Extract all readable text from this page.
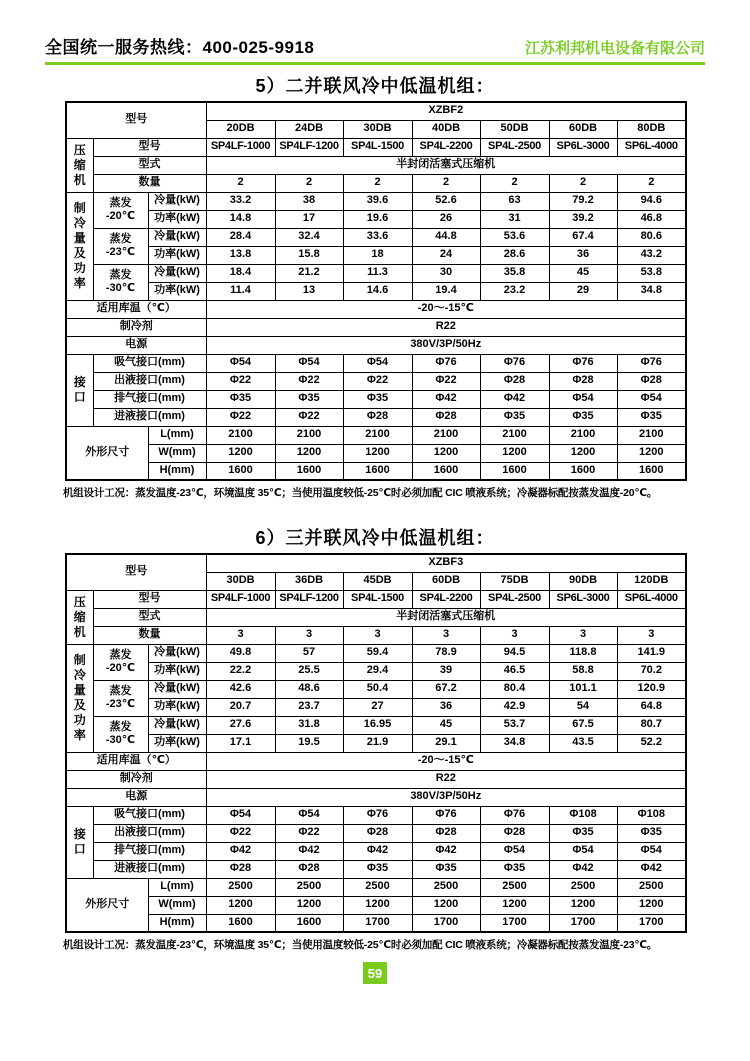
全国统一服务热线：400-025-9918	江苏利邦机电设备有限公司
5）二并联风冷中低温机组：
型号			XZBF2						
			20DB	24DB	30DB	40DB	50DB	60DB	80DB

压
缩
机	型号		SP4LF-1000	SP4LF-1200	SP4L-1500	SP4L-2200	SP4L-2500	SP6L-3000	SP6L-4000
	型式		半封闭活塞式压缩机						
	数量		2	2	2	2	2	2	2

制
冷
量
及
功
率

蒸发
-20℃
	冷量(kW)	33.2	38	39.6	52.6	63	79.2	94.6
		功率(kW)	14.8	17	19.6	26	31	39.2	46.8

	蒸发
-23℃	冷量(kW)	28.4	32.4	33.6	44.8	53.6	67.4	80.6
		功率(kW)	13.8	15.8	18	24	28.6	36	43.2

	蒸发
-30℃	冷量(kW)	18.4	21.2	11.3	30	35.8	45	53.8
		功率(kW)	11.4	13	14.6	19.4	23.2	29	34.8
适用库温（℃）			-20～-15℃						
制冷剂			R22						
电源			380V/3P/50Hz						

接
口	吸气接口(mm)		Φ54	Φ54	Φ54	Φ76	Φ76	Φ76	Φ76
	出液接口(mm)		Φ22	Φ22	Φ22	Φ22	Φ28	Φ28	Φ28
	排气接口(mm)		Φ35	Φ35	Φ35	Φ42	Φ42	Φ54	Φ54
	进液接口(mm)		Φ22	Φ22	Φ28	Φ28	Φ35	Φ35	Φ35
外形尺寸		L(mm)	2100	2100	2100	2100	2100	2100	2100
		W(mm)	1200	1200	1200	1200	1200	1200	1200
		H(mm)	1600	1600	1600	1600	1600	1600	1600
机组设计工况：蒸发温度-23℃，环境温度 35℃；当使用温度较低-25℃时必须加配 CIC 喷液系统；冷凝器标配按蒸发温度-20℃。
6）三并联风冷中低温机组：
型号			XZBF3						
			30DB	36DB	45DB	60DB	75DB	90DB	120DB

压
缩
机	型号		SP4LF-1000	SP4LF-1200	SP4L-1500	SP4L-2200	SP4L-2500	SP6L-3000	SP6L-4000
	型式		半封闭活塞式压缩机						
	数量		3	3	3	3	3	3	3

制
冷
量
及
功
率

蒸发
-20℃
	冷量(kW)	49.8	57	59.4	78.9	94.5	118.8	141.9
		功率(kW)	22.2	25.5	29.4	39	46.5	58.8	70.2

	蒸发
-23℃	冷量(kW)	42.6	48.6	50.4	67.2	80.4	101.1	120.9
		功率(kW)	20.7	23.7	27	36	42.9	54	64.8

	蒸发
-30℃	冷量(kW)	27.6	31.8	16.95	45	53.7	67.5	80.7
		功率(kW)	17.1	19.5	21.9	29.1	34.8	43.5	52.2
适用库温（℃）			-20～-15℃						
制冷剂			R22						
电源			380V/3P/50Hz						

接
口	吸气接口(mm)		Φ54	Φ54	Φ76	Φ76	Φ76	Φ108	Φ108
	出液接口(mm)		Φ22	Φ22	Φ28	Φ28	Φ28	Φ35	Φ35
	排气接口(mm)		Φ42	Φ42	Φ42	Φ42	Φ54	Φ54	Φ54
	进液接口(mm)		Φ28	Φ28	Φ35	Φ35	Φ35	Φ42	Φ42
外形尺寸		L(mm)	2500	2500	2500	2500	2500	2500	2500
		W(mm)	1200	1200	1200	1200	1200	1200	1200
		H(mm)	1600	1600	1700	1700	1700	1700	1700
机组设计工况：蒸发温度-23℃，环境温度 35℃；当使用温度较低-25℃时必须加配 CIC 喷液系统；冷凝器标配按蒸发温度-23℃。
59
